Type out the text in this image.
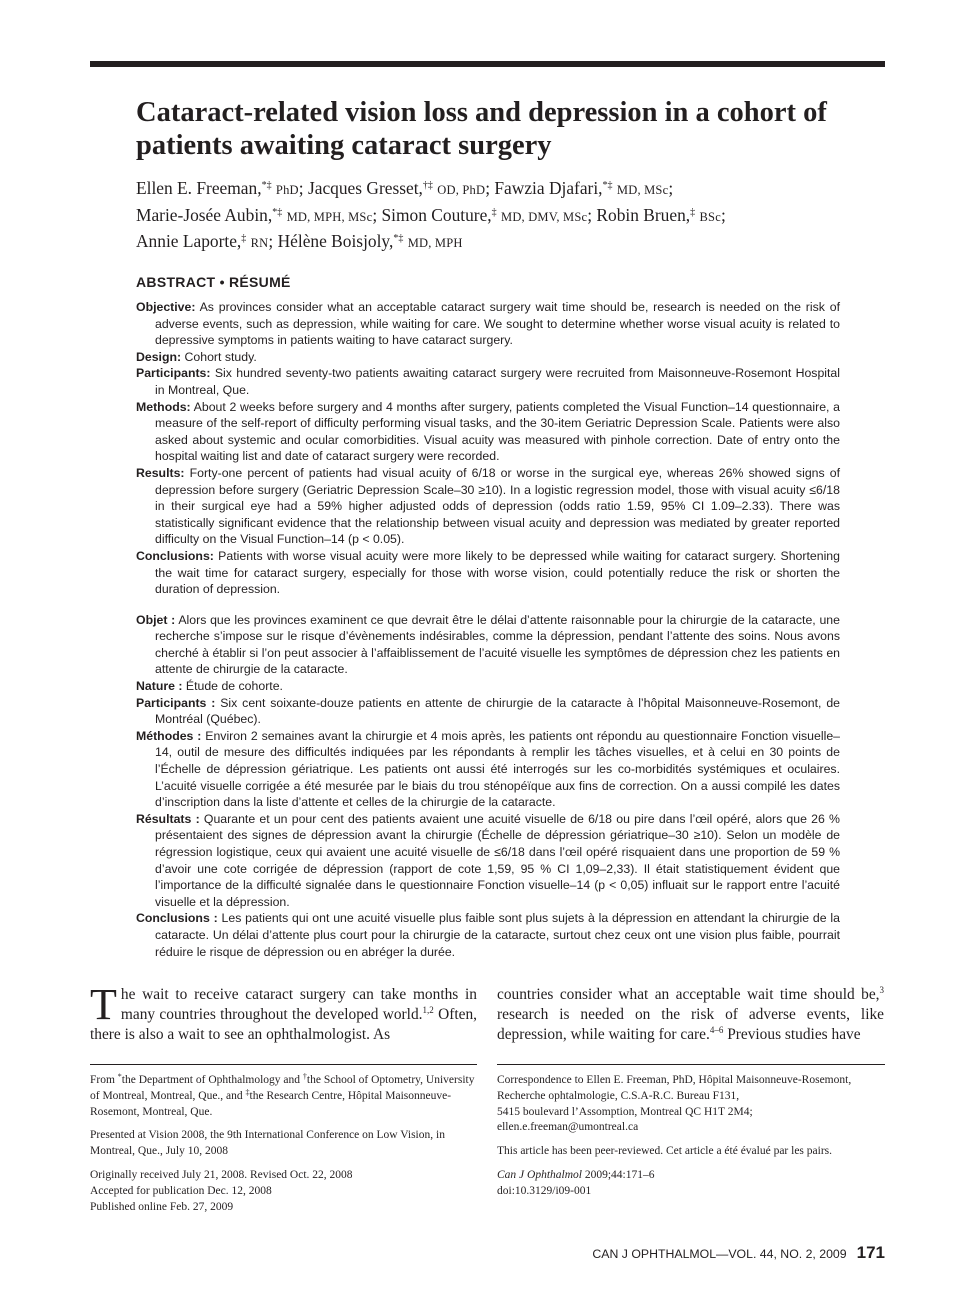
Cataract-related vision loss and depression in a cohort of patients awaiting cataract surgery
Ellen E. Freeman,*‡ PhD; Jacques Gresset,†‡ OD, PhD; Fawzia Djafari,*‡ MD, MSc;
Marie-Josée Aubin,*‡ MD, MPH, MSc; Simon Couture,‡ MD, DMV, MSc; Robin Bruen,‡ BSc;
Annie Laporte,‡ RN; Hélène Boisjoly,*‡ MD, MPH
ABSTRACT • RÉSUMÉ

Objective: As provinces consider what an acceptable cataract surgery wait time should be, research is needed on the risk of adverse events, such as depression, while waiting for care. We sought to determine whether worse visual acuity is related to depressive symptoms in patients waiting to have cataract surgery.

Design: Cohort study.

Participants: Six hundred seventy-two patients awaiting cataract surgery were recruited from Maisonneuve-Rosemont Hospital in Montreal, Que.

Methods: About 2 weeks before surgery and 4 months after surgery, patients completed the Visual Function–14 questionnaire, a measure of the self-report of difficulty performing visual tasks, and the 30-item Geriatric Depression Scale. Patients were also asked about systemic and ocular comorbidities. Visual acuity was measured with pinhole correction. Date of entry onto the hospital waiting list and date of cataract surgery were recorded.

Results: Forty-one percent of patients had visual acuity of 6/18 or worse in the surgical eye, whereas 26% showed signs of depression before surgery (Geriatric Depression Scale–30 ≥10). In a logistic regression model, those with visual acuity ≤6/18 in their surgical eye had a 59% higher adjusted odds of depression (odds ratio 1.59, 95% CI 1.09–2.33). There was statistically significant evidence that the relationship between visual acuity and depression was mediated by greater reported difficulty on the Visual Function–14 (p < 0.05).

Conclusions: Patients with worse visual acuity were more likely to be depressed while waiting for cataract surgery. Shortening the wait time for cataract surgery, especially for those with worse vision, could potentially reduce the risk or shorten the duration of depression.

Objet : Alors que les provinces examinent ce que devrait être le délai d’attente raisonnable pour la chirurgie de la cataracte, une recherche s’impose sur le risque d’évènements indésirables, comme la dépression, pendant l’attente des soins. Nous avons cherché à établir si l’on peut associer à l’affaiblissement de l’acuité visuelle les symptômes de dépression chez les patients en attente de chirurgie de la cataracte.

Nature : Étude de cohorte.

Participants : Six cent soixante-douze patients en attente de chirurgie de la cataracte à l’hôpital Maisonneuve-Rosemont, de Montréal (Québec).

Méthodes : Environ 2 semaines avant la chirurgie et 4 mois après, les patients ont répondu au questionnaire Fonction visuelle–14, outil de mesure des difficultés indiquées par les répondants à remplir les tâches visuelles, et à celui en 30 points de l’Échelle de dépression gériatrique. Les patients ont aussi été interrogés sur les co-morbidités systémiques et oculaires. L’acuité visuelle corrigée a été mesurée par le biais du trou sténopéïque aux fins de correction. On a aussi compilé les dates d’inscription dans la liste d’attente et celles de la chirurgie de la cataracte.

Résultats : Quarante et un pour cent des patients avaient une acuité visuelle de 6/18 ou pire dans l’œil opéré, alors que 26 % présentaient des signes de dépression avant la chirurgie (Échelle de dépression gériatrique–30 ≥10). Selon un modèle de régression logistique, ceux qui avaient une acuité visuelle de ≤6/18 dans l’œil opéré risquaient dans une proportion de 59 % d’avoir une cote corrigée de dépression (rapport de cote 1,59, 95 % CI 1,09–2,33). Il était statistiquement évident que l’importance de la difficulté signalée dans le questionnaire Fonction visuelle–14 (p < 0,05) influait sur le rapport entre l’acuité visuelle et la dépression.

Conclusions : Les patients qui ont une acuité visuelle plus faible sont plus sujets à la dépression en attendant la chirurgie de la cataracte. Un délai d’attente plus court pour la chirurgie de la cataracte, surtout chez ceux ont une vision plus faible, pourrait réduire le risque de dépression ou en abréger la durée.

The wait to receive cataract surgery can take months in many countries throughout the developed world.$^{1,2}$ Often, there is also a wait to see an ophthalmologist. As
countries consider what an acceptable wait time should be,$^3$ research is needed on the risk of adverse events, like depression, while waiting for care.$^{4-6}$ Previous studies have

From *the Department of Ophthalmology and †the School of Optometry, University of Montreal, Montreal, Que., and ‡the Research Centre, Hôpital Maisonneuve-Rosemont, Montreal, Que.

Presented at Vision 2008, the 9th International Conference on Low Vision, in Montreal, Que., July 10, 2008

Originally received July 21, 2008. Revised Oct. 22, 2008
Accepted for publication Dec. 12, 2008
Published online Feb. 27, 2009

Correspondence to Ellen E. Freeman, PhD, Hôpital Maisonneuve-Rosemont, Recherche ophtalmologie, C.S.A-R.C. Bureau F131,
5415 boulevard l’Assomption, Montreal QC H1T 2M4;
ellen.e.freeman@umontreal.ca

This article has been peer-reviewed. Cet article a été évalué par les pairs.

Can J Ophthalmol 2009;44:171–6
doi:10.3129/i09-001

CAN J OPHTHALMOL—VOL. 44, NO. 2, 2009 171
